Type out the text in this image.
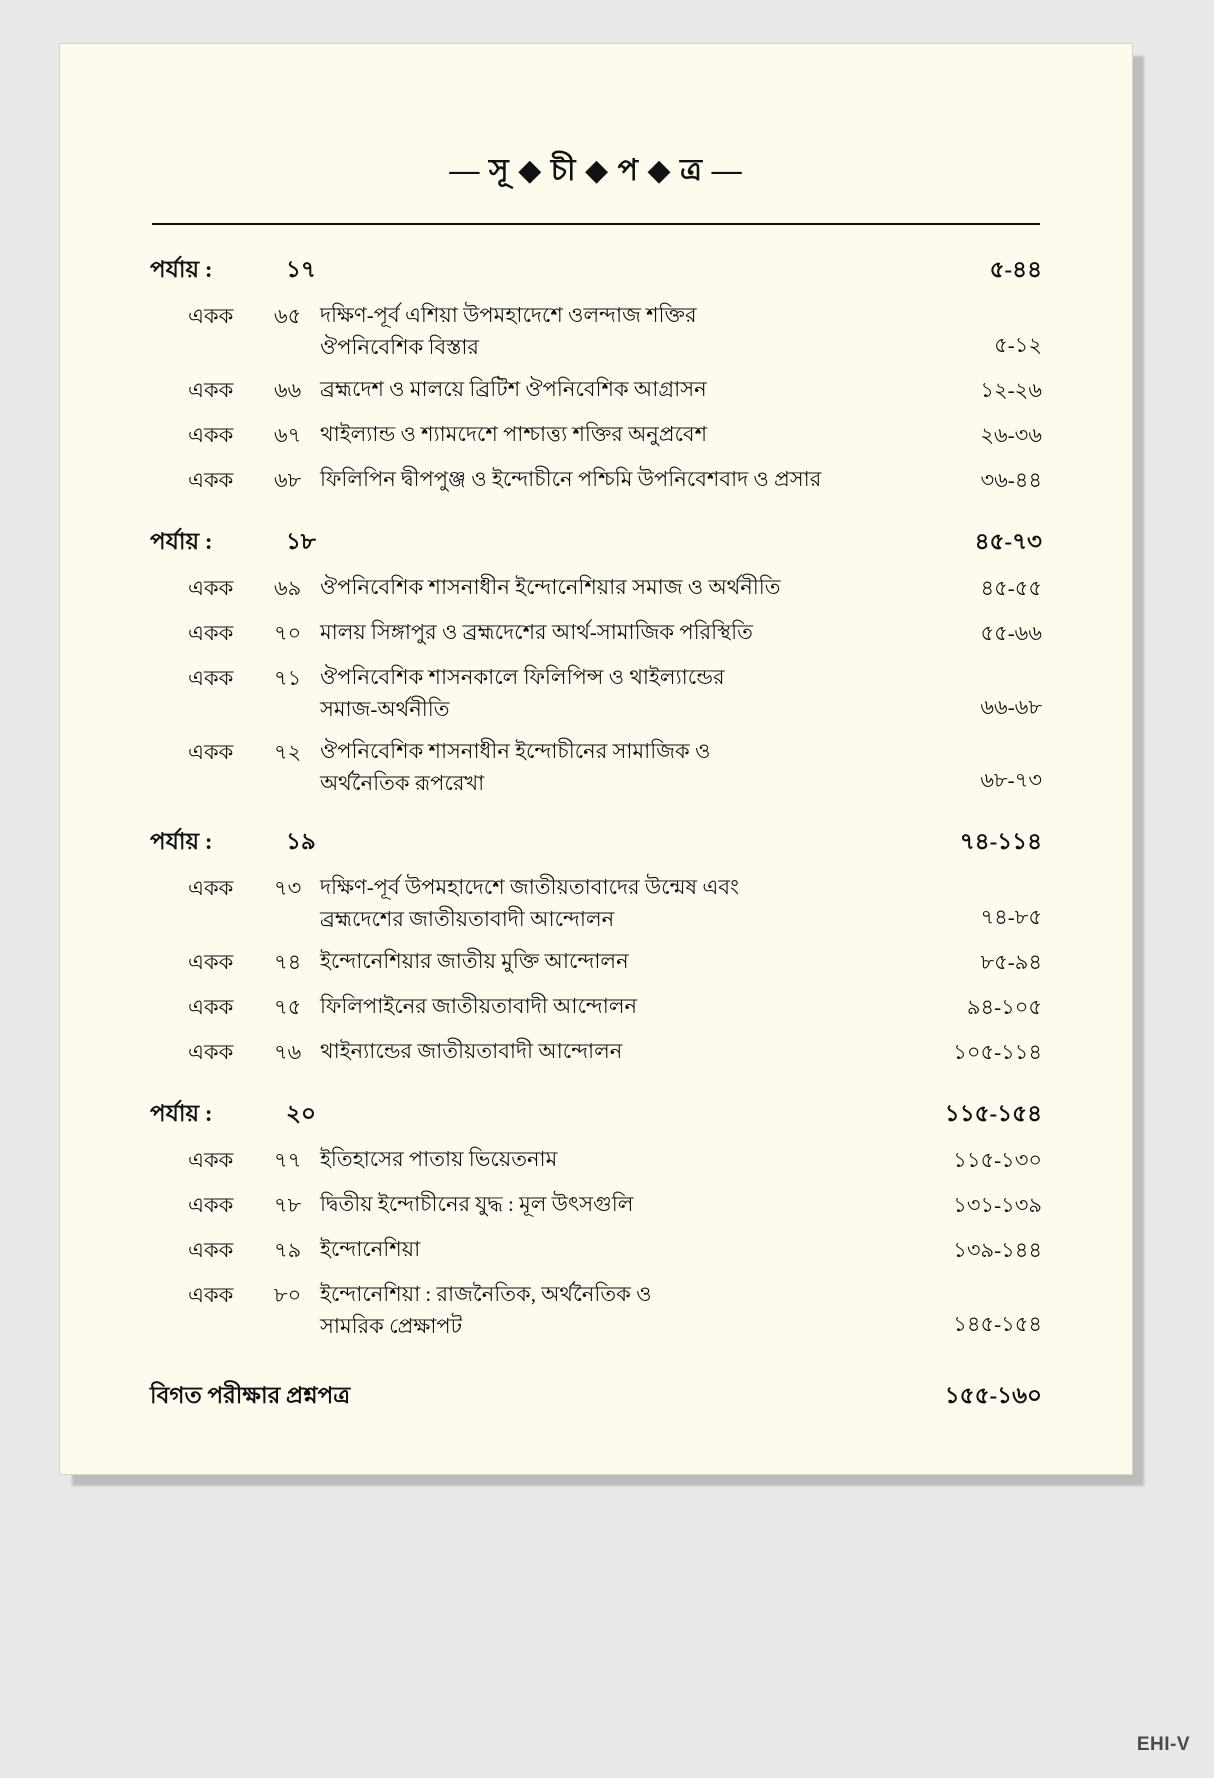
— সূ ◆ চী ◆ প ◆ ত্র —
পর্যায় :	১৭	৫-৪৪
একক	৬৫ দক্ষিণ-পূর্ব এশিয়া উপমহাদেশে ওলন্দাজ শক্তির
ঔপনিবেশিক বিস্তার	৫-১২
একক	৬৬ ব্রহ্মদেশ ও মালয়ে ব্রিটিশ ঔপনিবেশিক আগ্রাসন	১২-২৬
একক	৬৭ থাইল্যান্ড ও শ্যামদেশে পাশ্চাত্ত্য শক্তির অনুপ্রবেশ	২৬-৩৬
একক	৬৮ ফিলিপিন দ্বীপপুঞ্জ ও ইন্দোচীনে পশ্চিমি উপনিবেশবাদ ও প্রসার	৩৬-৪৪
পর্যায় :	১৮	৪৫-৭৩
একক	৬৯ ঔপনিবেশিক শাসনাধীন ইন্দোনেশিয়ার সমাজ ও অর্থনীতি	৪৫-৫৫
একক	৭০ মালয় সিঙ্গাপুর ও ব্রহ্মদেশের আর্থ-সামাজিক পরিস্থিতি	৫৫-৬৬
একক	৭১ ঔপনিবেশিক শাসনকালে ফিলিপিন্স ও থাইল্যান্ডের
সমাজ-অর্থনীতি	৬৬-৬৮
একক	৭২ ঔপনিবেশিক শাসনাধীন ইন্দোচীনের সামাজিক ও
অর্থনৈতিক রূপরেখা	৬৮-৭৩
পর্যায় :	১৯	৭৪-১১৪
একক	৭৩ দক্ষিণ-পূর্ব উপমহাদেশে জাতীয়তাবাদের উন্মেষ এবং
ব্রহ্মদেশের জাতীয়তাবাদী আন্দোলন	৭৪-৮৫
একক	৭৪ ইন্দোনেশিয়ার জাতীয় মুক্তি আন্দোলন	৮৫-৯৪
একক	৭৫ ফিলিপাইনের জাতীয়তাবাদী আন্দোলন	৯৪-১০৫
একক	৭৬ থাইন্যান্ডের জাতীয়তাবাদী আন্দোলন	১০৫-১১৪
পর্যায় :	২০	১১৫-১৫৪
একক	৭৭ ইতিহাসের পাতায় ভিয়েতনাম	১১৫-১৩০
একক	৭৮ দ্বিতীয় ইন্দোচীনের যুদ্ধ : মূল উৎসগুলি	১৩১-১৩৯
একক	৭৯ ইন্দোনেশিয়া	১৩৯-১৪৪
একক	৮০ ইন্দোনেশিয়া : রাজনৈতিক, অর্থনৈতিক ও
সামরিক প্রেক্ষাপট	১৪৫-১৫৪
বিগত পরীক্ষার প্রশ্নপত্র	১৫৫-১৬০
EHI-V
